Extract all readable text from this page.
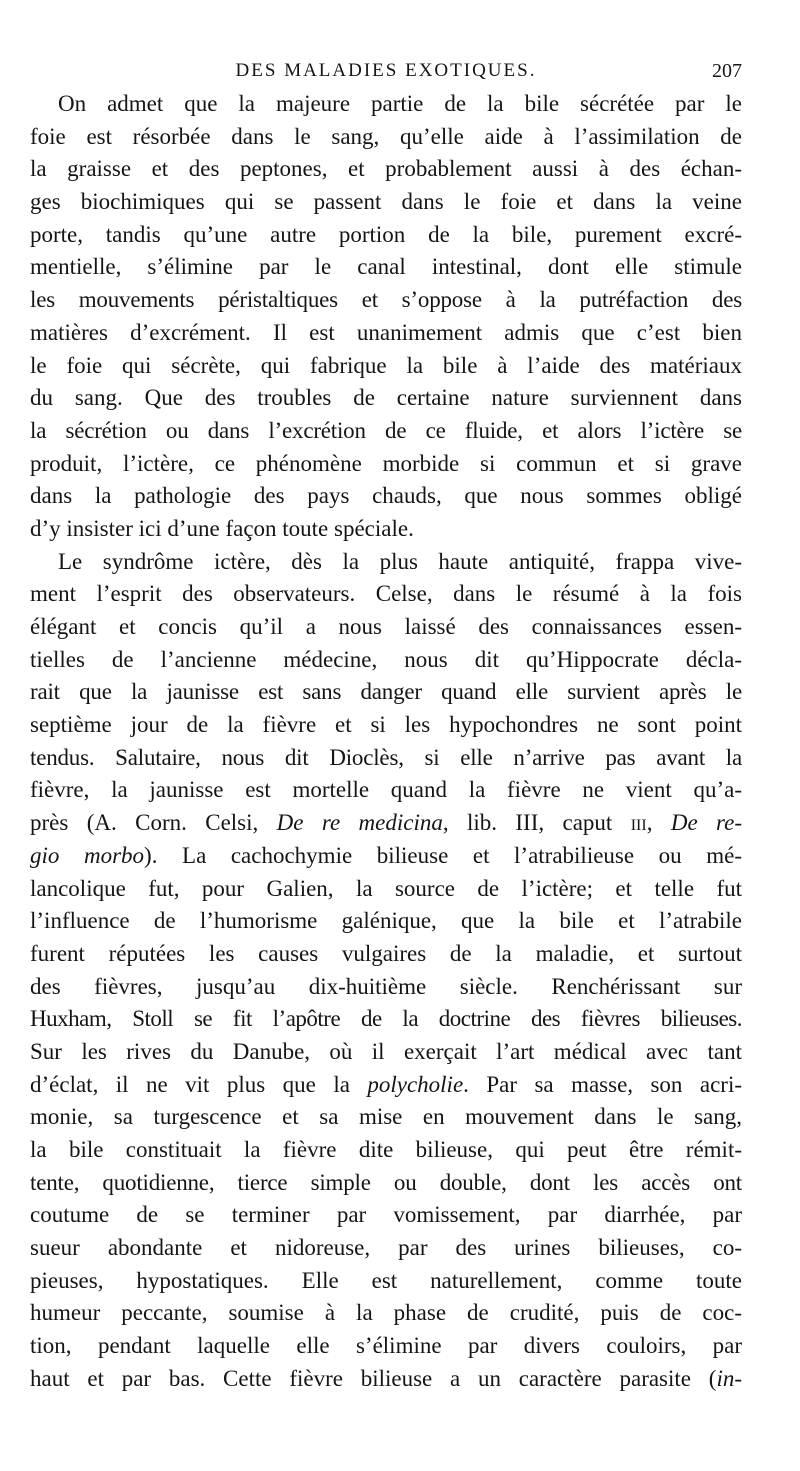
DES MALADIES EXOTIQUES.	207
On admet que la majeure partie de la bile sécrétée par le
foie est résorbée dans le sang, qu’elle aide à l’assimilation de
la graisse et des peptones, et probablement aussi à des échan-
ges biochimiques qui se passent dans le foie et dans la veine
porte, tandis qu’une autre portion de la bile, purement excré-
mentielle, s’élimine par le canal intestinal, dont elle stimule
les mouvements péristaltiques et s’oppose à la putréfaction des
matières d’excrément. Il est unanimement admis que c’est bien
le foie qui sécrète, qui fabrique la bile à l’aide des matériaux
du sang. Que des troubles de certaine nature surviennent dans
la sécrétion ou dans l’excrétion de ce fluide, et alors l’ictère se
produit, l’ictère, ce phénomène morbide si commun et si grave
dans la pathologie des pays chauds, que nous sommes obligé
d’y insister ici d’une façon toute spéciale.
Le syndrôme ictère, dès la plus haute antiquité, frappa vive-
ment l’esprit des observateurs. Celse, dans le résumé à la fois
élégant et concis qu’il a nous laissé des connaissances essen-
tielles de l’ancienne médecine, nous dit qu’Hippocrate décla-
rait que la jaunisse est sans danger quand elle survient après le
septième jour de la fièvre et si les hypochondres ne sont point
tendus. Salutaire, nous dit Dioclès, si elle n’arrive pas avant la
fièvre, la jaunisse est mortelle quand la fièvre ne vient qu’a-
près (A. Corn. Celsi, De re medicina, lib. III, caput iii, De re-
gio morbo). La cachochymie bilieuse et l’atrabilieuse ou mé-
lancolique fut, pour Galien, la source de l’ictère; et telle fut
l’influence de l’humorisme galénique, que la bile et l’atrabile
furent réputées les causes vulgaires de la maladie, et surtout
des fièvres, jusqu’au dix-huitième siècle. Renchérissant sur
Huxham, Stoll se fit l’apôtre de la doctrine des fièvres bilieuses.
Sur les rives du Danube, où il exerçait l’art médical avec tant
d’éclat, il ne vit plus que la polycholie. Par sa masse, son acri-
monie, sa turgescence et sa mise en mouvement dans le sang,
la bile constituait la fièvre dite bilieuse, qui peut être rémit-
tente, quotidienne, tierce simple ou double, dont les accès ont
coutume de se terminer par vomissement, par diarrhée, par
sueur abondante et nidoreuse, par des urines bilieuses, co-
pieuses, hypostatiques. Elle est naturellement, comme toute
humeur peccante, soumise à la phase de crudité, puis de coc-
tion, pendant laquelle elle s’élimine par divers couloirs, par
haut et par bas. Cette fièvre bilieuse a un caractère parasite (in-
